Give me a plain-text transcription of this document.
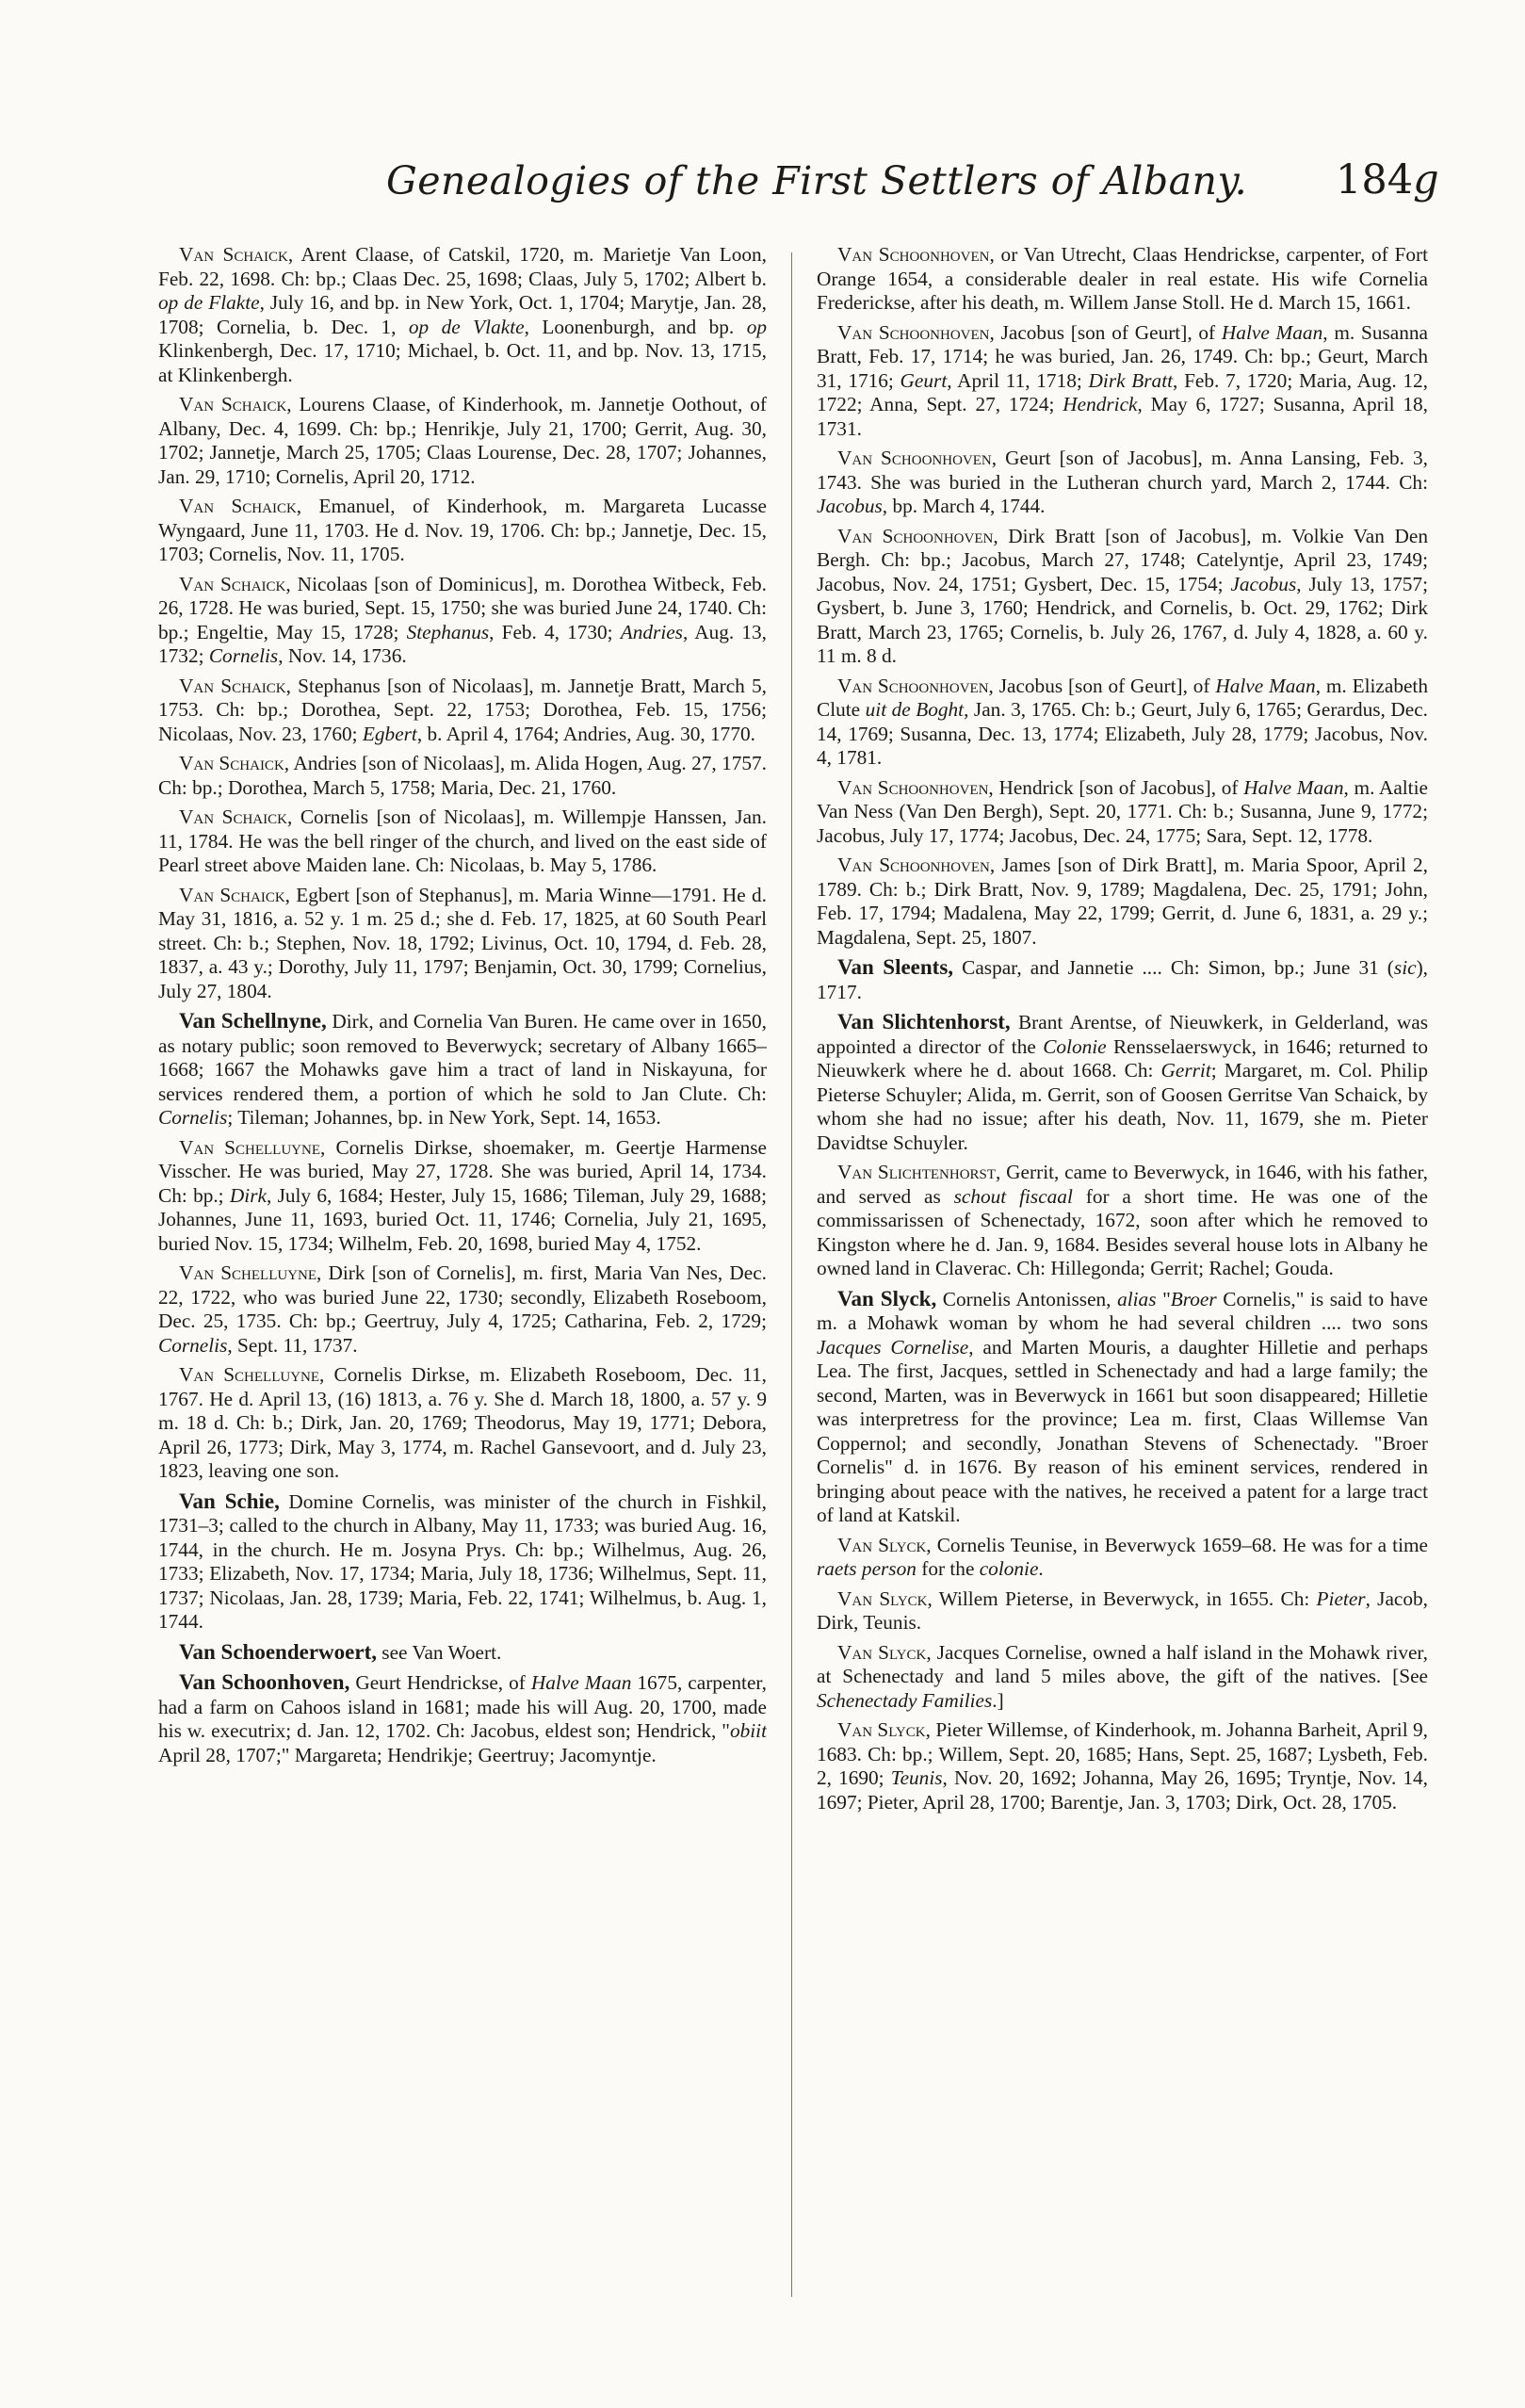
Genealogies of the First Settlers of Albany. 184g

Van Schaick, Arent Claase, of Catskil, 1720, m. Marietje Van Loon, Feb. 22, 1698. Ch: bp.; Claas Dec. 25, 1698; Claas, July 5, 1702; Albert b. op de Flakte, July 16, and bp. in New York, Oct. 1, 1704; Marytje, Jan. 28, 1708; Cornelia, b. Dec. 1, op de Vlakte, Loonenburgh, and bp. op Klinkenbergh, Dec. 17, 1710; Michael, b. Oct. 11, and bp. Nov. 13, 1715, at Klinkenbergh.

Van Schaick, Lourens Claase, of Kinderhook, m. Jannetje Oothout, of Albany, Dec. 4, 1699. Ch: bp.; Henrikje, July 21, 1700; Gerrit, Aug. 30, 1702; Jannetje, March 25, 1705; Claas Lourense, Dec. 28, 1707; Johannes, Jan. 29, 1710; Cornelis, April 20, 1712.

Van Schaick, Emanuel, of Kinderhook, m. Margareta Lucasse Wyngaard, June 11, 1703. He d. Nov. 19, 1706. Ch: bp.; Jannetje, Dec. 15, 1703; Cornelis, Nov. 11, 1705.

Van Schaick, Nicolaas [son of Dominicus], m. Dorothea Witbeck, Feb. 26, 1728. He was buried, Sept. 15, 1750; she was buried June 24, 1740. Ch: bp.; Engeltie, May 15, 1728; Stephanus, Feb. 4, 1730; Andries, Aug. 13, 1732; Cornelis, Nov. 14, 1736.

Van Schaick, Stephanus [son of Nicolaas], m. Jannetje Bratt, March 5, 1753. Ch: bp.; Dorothea, Sept. 22, 1753; Dorothea, Feb. 15, 1756; Nicolaas, Nov. 23, 1760; Egbert, b. April 4, 1764; Andries, Aug. 30, 1770.

Van Schaick, Andries [son of Nicolaas], m. Alida Hogen, Aug. 27, 1757. Ch: bp.; Dorothea, March 5, 1758; Maria, Dec. 21, 1760.

Van Schaick, Cornelis [son of Nicolaas], m. Willempje Hanssen, Jan. 11, 1784. He was the bell ringer of the church, and lived on the east side of Pearl street above Maiden lane. Ch: Nicolaas, b. May 5, 1786.

Van Schaick, Egbert [son of Stephanus], m. Maria Winne—1791. He d. May 31, 1816, a. 52 y. 1 m. 25 d.; she d. Feb. 17, 1825, at 60 South Pearl street. Ch: b.; Stephen, Nov. 18, 1792; Livinus, Oct. 10, 1794, d. Feb. 28, 1837, a. 43 y.; Dorothy, July 11, 1797; Benjamin, Oct. 30, 1799; Cornelius, July 27, 1804.

Van Schellnyne, Dirk, and Cornelia Van Buren. He came over in 1650, as notary public; soon removed to Beverwyck; secretary of Albany 1665–1668; 1667 the Mohawks gave him a tract of land in Niskayuna, for services rendered them, a portion of which he sold to Jan Clute. Ch: Cornelis; Tileman; Johannes, bp. in New York, Sept. 14, 1653.

Van Schelluyne, Cornelis Dirkse, shoemaker, m. Geertje Harmense Visscher. He was buried, May 27, 1728. She was buried, April 14, 1734. Ch: bp.; Dirk, July 6, 1684; Hester, July 15, 1686; Tileman, July 29, 1688; Johannes, June 11, 1693, buried Oct. 11, 1746; Cornelia, July 21, 1695, buried Nov. 15, 1734; Wilhelm, Feb. 20, 1698, buried May 4, 1752.

Van Schelluyne, Dirk [son of Cornelis], m. first, Maria Van Nes, Dec. 22, 1722, who was buried June 22, 1730; secondly, Elizabeth Roseboom, Dec. 25, 1735. Ch: bp.; Geertruy, July 4, 1725; Catharina, Feb. 2, 1729; Cornelis, Sept. 11, 1737.

Van Schelluyne, Cornelis Dirkse, m. Elizabeth Roseboom, Dec. 11, 1767. He d. April 13, (16) 1813, a. 76 y. She d. March 18, 1800, a. 57 y. 9 m. 18 d. Ch: b.; Dirk, Jan. 20, 1769; Theodorus, May 19, 1771; Debora, April 26, 1773; Dirk, May 3, 1774, m. Rachel Gansevoort, and d. July 23, 1823, leaving one son.

Van Schie, Domine Cornelis, was minister of the church in Fishkil, 1731–3; called to the church in Albany, May 11, 1733; was buried Aug. 16, 1744, in the church. He m. Josyna Prys. Ch: bp.; Wilhelmus, Aug. 26, 1733; Elizabeth, Nov. 17, 1734; Maria, July 18, 1736; Wilhelmus, Sept. 11, 1737; Nicolaas, Jan. 28, 1739; Maria, Feb. 22, 1741; Wilhelmus, b. Aug. 1, 1744.

Van Schoenderwoert, see Van Woert.

Van Schoonhoven, Geurt Hendrickse, of Halve Maan 1675, carpenter, had a farm on Cahoos island in 1681; made his will Aug. 20, 1700, made his w. executrix; d. Jan. 12, 1702. Ch: Jacobus, eldest son; Hendrick, "obiit April 28, 1707;" Margareta; Hendrikje; Geertruy; Jacomyntje.

Van Schoonhoven, or Van Utrecht, Claas Hendrickse, carpenter, of Fort Orange 1654, a considerable dealer in real estate. His wife Cornelia Fredericksе, after his death, m. Willem Janse Stoll. He d. March 15, 1661.

Van Schoonhoven, Jacobus [son of Geurt], of Halve Maan, m. Susanna Bratt, Feb. 17, 1714; he was buried, Jan. 26, 1749. Ch: bp.; Geurt, March 31, 1716; Geurt, April 11, 1718; Dirk Bratt, Feb. 7, 1720; Maria, Aug. 12, 1722; Anna, Sept. 27, 1724; Hendrick, May 6, 1727; Susanna, April 18, 1731.

Van Schoonhoven, Geurt [son of Jacobus], m. Anna Lansing, Feb. 3, 1743. She was buried in the Lutheran church yard, March 2, 1744. Ch: Jacobus, bp. March 4, 1744.

Van Schoonhoven, Dirk Bratt [son of Jacobus], m. Volkie Van Den Bergh. Ch: bp.; Jacobus, March 27, 1748; Catelyntje, April 23, 1749; Jacobus, Nov. 24, 1751; Gysbert, Dec. 15, 1754; Jacobus, July 13, 1757; Gysbert, b. June 3, 1760; Hendrick, and Cornelis, b. Oct. 29, 1762; Dirk Bratt, March 23, 1765; Cornelis, b. July 26, 1767, d. July 4, 1828, a. 60 y. 11 m. 8 d.

Van Schoonhoven, Jacobus [son of Geurt], of Halve Maan, m. Elizabeth Clute uit de Boght, Jan. 3, 1765. Ch: b.; Geurt, July 6, 1765; Gerardus, Dec. 14, 1769; Susanna, Dec. 13, 1774; Elizabeth, July 28, 1779; Jacobus, Nov. 4, 1781.

Van Schoonhoven, Hendrick [son of Jacobus], of Halve Maan, m. Aaltie Van Ness (Van Den Bergh), Sept. 20, 1771. Ch: b.; Susanna, June 9, 1772; Jacobus, July 17, 1774; Jacobus, Dec. 24, 1775; Sara, Sept. 12, 1778.

Van Schoonhoven, James [son of Dirk Bratt], m. Maria Spoor, April 2, 1789. Ch: b.; Dirk Bratt, Nov. 9, 1789; Magdalena, Dec. 25, 1791; John, Feb. 17, 1794; Madalena, May 22, 1799; Gerrit, d. June 6, 1831, a. 29 y.; Magdalena, Sept. 25, 1807.

Van Sleents, Caspar, and Jannetie .... Ch: Simon, bp.; June 31 (sic), 1717.

Van Slichtenhorst, Brant Arentse, of Nieuwkerk, in Gelderland, was appointed a director of the Colonie Rensselaerswyck, in 1646; returned to Nieuwkerk where he d. about 1668. Ch: Gerrit; Margaret, m. Col. Philip Pieterse Schuyler; Alida, m. Gerrit, son of Goosen Gerritse Van Schaick, by whom she had no issue; after his death, Nov. 11, 1679, she m. Pieter Davidtse Schuyler.

Van Slichtenhorst, Gerrit, came to Beverwyck, in 1646, with his father, and served as schout fiscaal for a short time. He was one of the commissarissen of Schenectady, 1672, soon after which he removed to Kingston where he d. Jan. 9, 1684. Besides several house lots in Albany he owned land in Claverac. Ch: Hillegonda; Gerrit; Rachel; Gouda.

Van Slyck, Cornelis Antonissen, alias "Broer Cornelis," is said to have m. a Mohawk woman by whom he had several children .... two sons Jacques Cornelise, and Marten Mouris, a daughter Hilletie and perhaps Lea. The first, Jacques, settled in Schenectady and had a large family; the second, Marten, was in Beverwyck in 1661 but soon disappeared; Hilletie was interpretress for the province; Lea m. first, Claas Willemse Van Coppernol; and secondly, Jonathan Stevens of Schenectady. "Broer Cornelis" d. in 1676. By reason of his eminent services, rendered in bringing about peace with the natives, he received a patent for a large tract of land at Katskil.

Van Slyck, Cornelis Teunise, in Beverwyck 1659–68. He was for a time raets person for the colonie.

Van Slyck, Willem Pieterse, in Beverwyck, in 1655. Ch: Pieter, Jacob, Dirk, Teunis.

Van Slyck, Jacques Cornelise, owned a half island in the Mohawk river, at Schenectady and land 5 miles above, the gift of the natives. [See Schenectady Families.]

Van Slyck, Pieter Willemse, of Kinderhook, m. Johanna Barheit, April 9, 1683. Ch: bp.; Willem, Sept. 20, 1685; Hans, Sept. 25, 1687; Lysbeth, Feb. 2, 1690; Teunis, Nov. 20, 1692; Johanna, May 26, 1695; Tryntje, Nov. 14, 1697; Pieter, April 28, 1700; Barentje, Jan. 3, 1703; Dirk, Oct. 28, 1705.
